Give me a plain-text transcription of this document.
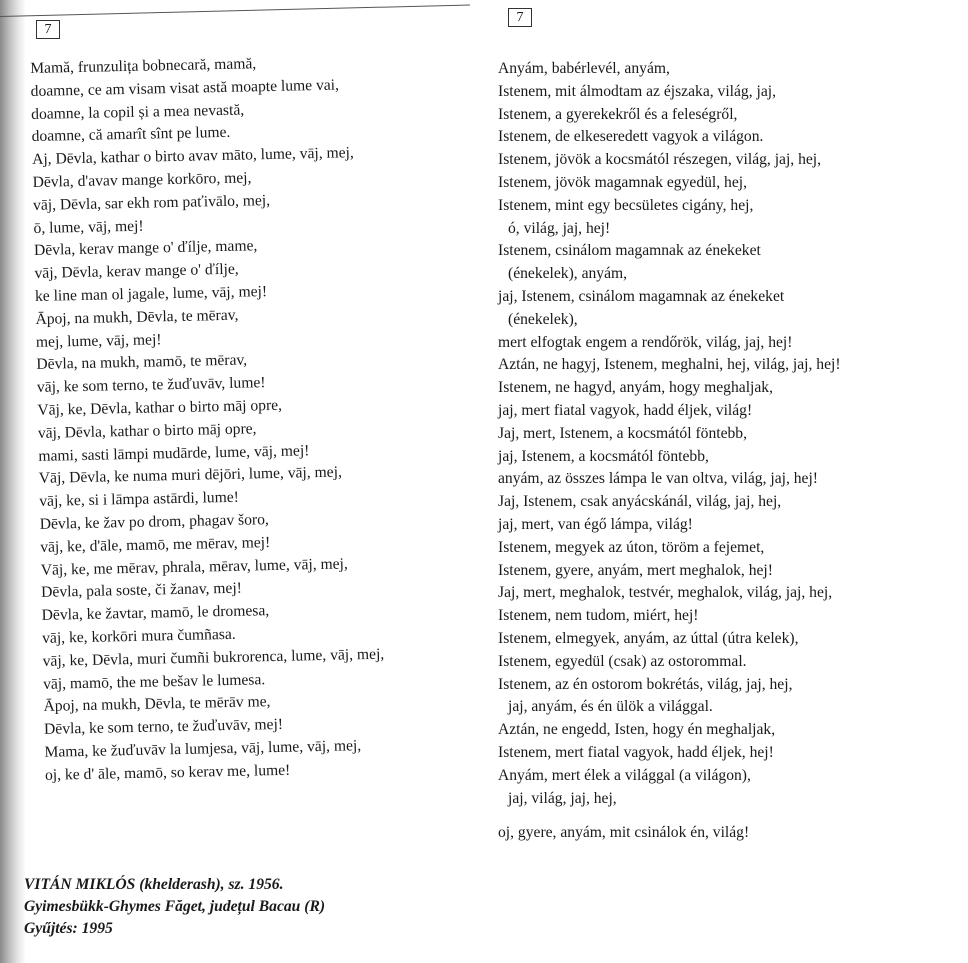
7
7
Mamă, frunzulița bobnecară, mamă,
doamne, ce am visam visat astă moapte lume vai,
doamne, la copil și a mea nevastă,
doamne, că amarît sînt pe lume.
Aj, Dēvla, kathar o birto avav māto, lume, vāj, mej,
Dēvla, d'avav mange korkōro, mej,
vāj, Dēvla, sar ekh rom paťivālo, mej,
ō, lume, vāj, mej!
Dēvla, kerav mange o' ďílje, mame,
vāj, Dēvla, kerav mange o' ďílje,
ke line man ol jagale, lume, vāj, mej!
Āpoj, na mukh, Dēvla, te mērav,
mej, lume, vāj, mej!
Dēvla, na mukh, mamō, te mērav,
vāj, ke som terno, te žuďuvāv, lume!
Vāj, ke, Dēvla, kathar o birto māj opre,
vāj, Dēvla, kathar o birto māj opre,
mami, sasti lāmpi mudārde, lume, vāj, mej!
Vāj, Dēvla, ke numa muri dējōri, lume, vāj, mej,
vāj, ke, si i lāmpa astārdi, lume!
Dēvla, ke žav po drom, phagav šoro,
vāj, ke, d'āle, mamō, me mērav, mej!
Vāj, ke, me mērav, phrala, mērav, lume, vāj, mej,
Dēvla, pala soste, či žanav, mej!
Dēvla, ke žavtar, mamō, le dromesa,
vāj, ke, korkōri mura čumñasa.
vāj, ke, Dēvla, muri čumñi bukrorenca, lume, vāj, mej,
vāj, mamō, the me bešav le lumesa.
Āpoj, na mukh, Dēvla, te mērāv me,
Dēvla, ke som terno, te žuďuvāv, mej!
Mama, ke žuďuvāv la lumjesa, vāj, lume, vāj, mej,
oj, ke d' āle, mamō, so kerav me, lume!
Anyám, babérlevél, anyám,
Istenem, mit álmodtam az éjszaka, világ, jaj,
Istenem, a gyerekekről és a feleségről,
Istenem, de elkeseredett vagyok a világon.
Istenem, jövök a kocsmától részegen, világ, jaj, hej,
Istenem, jövök magamnak egyedül, hej,
Istenem, mint egy becsületes cigány, hej,
ó, világ, jaj, hej!
Istenem, csinálom magamnak az énekeket
(énekelek), anyám,
jaj, Istenem, csinálom magamnak az énekeket
(énekelek),
mert elfogtak engem a rendőrök, világ, jaj, hej!
Aztán, ne hagyj, Istenem, meghalni, hej, világ, jaj, hej!
Istenem, ne hagyd, anyám, hogy meghaljak,
jaj, mert fiatal vagyok, hadd éljek, világ!
Jaj, mert, Istenem, a kocsmától föntebb,
jaj, Istenem, a kocsmától föntebb,
anyám, az összes lámpa le van oltva, világ, jaj, hej!
Jaj, Istenem, csak anyácskánál, világ, jaj, hej,
jaj, mert, van égő lámpa, világ!
Istenem, megyek az úton, töröm a fejemet,
Istenem, gyere, anyám, mert meghalok, hej!
Jaj, mert, meghalok, testvér, meghalok, világ, jaj, hej,
Istenem, nem tudom, miért, hej!
Istenem, elmegyek, anyám, az úttal (útra kelek),
Istenem, egyedül (csak) az ostorommal.
Istenem, az én ostorom bokrétás, világ, jaj, hej,
jaj, anyám, és én ülök a világgal.
Aztán, ne engedd, Isten, hogy én meghaljak,
Istenem, mert fiatal vagyok, hadd éljek, hej!
Anyám, mert élek a világgal (a világon),
jaj, világ, jaj, hej,
oj, gyere, anyám, mit csinálok én, világ!
VITÁN MIKLÓS (khelderash), sz. 1956.
Gyimesbükk-Ghymes Făget, județul Bacau (R)
Gyűjtés: 1995
